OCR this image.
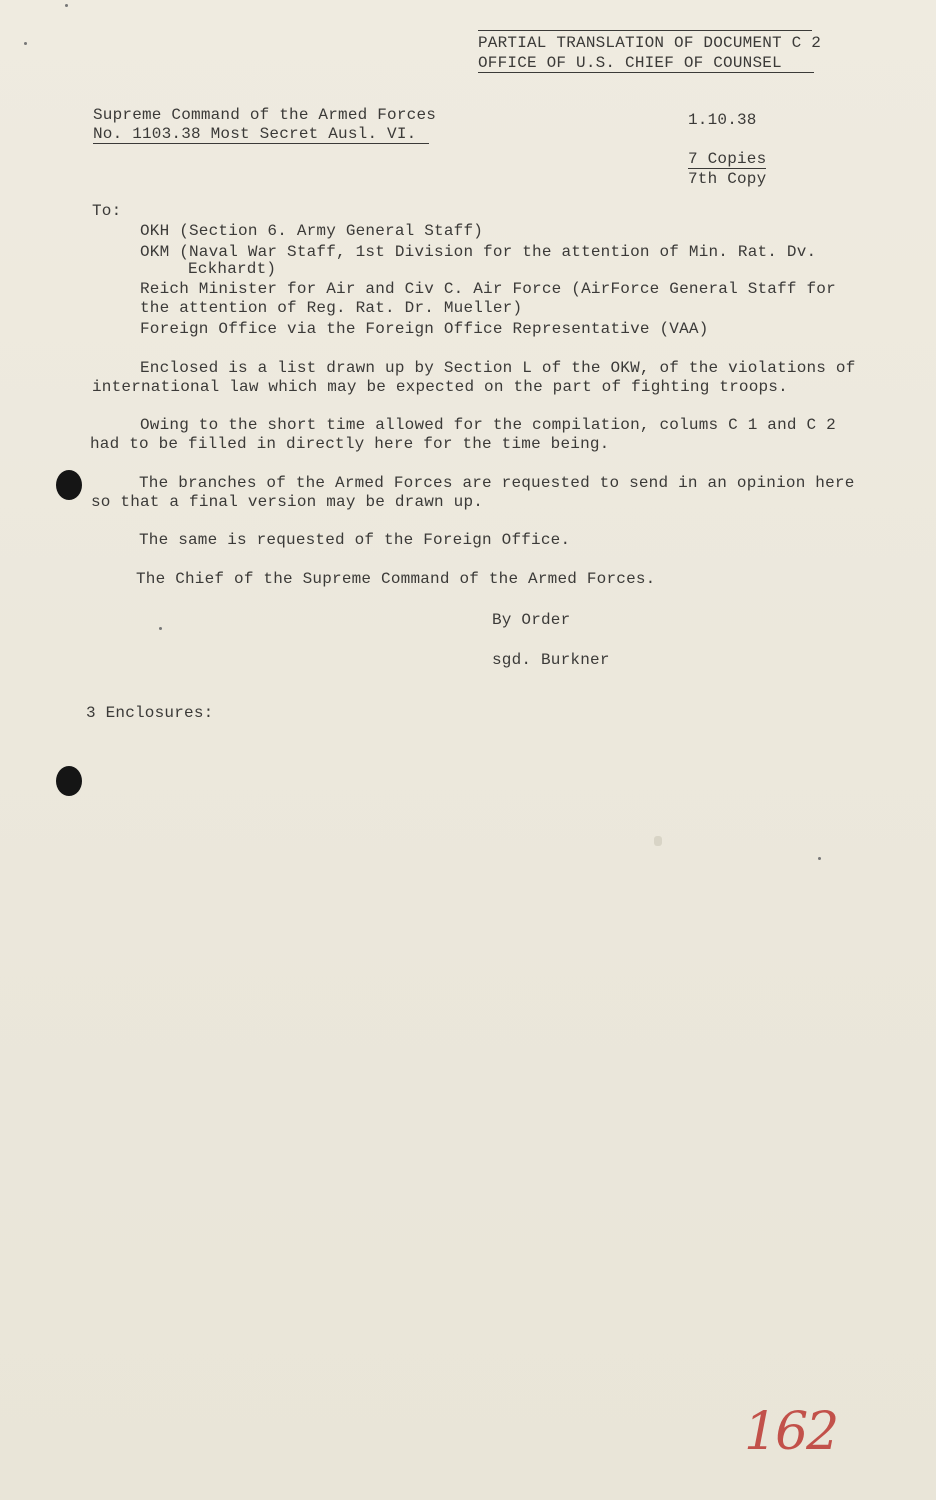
PARTIAL TRANSLATION OF DOCUMENT C 2
OFFICE OF U.S. CHIEF OF COUNSEL
Supreme Command of the Armed Forces
No. 1103.38 Most Secret Ausl. VI.
1.10.38
7 Copies
7th Copy
To:
OKH (Section 6. Army General Staff)
OKM (Naval War Staff, 1st Division for the attention of Min. Rat. Dv.
Eckhardt)
Reich Minister for Air and Civ C. Air Force (AirForce General Staff for
the attention of Reg. Rat. Dr. Mueller)
Foreign Office via the Foreign Office Representative (VAA)
Enclosed is a list drawn up by Section L of the OKW, of the violations of
international law which may be expected on the part of fighting troops.
Owing to the short time allowed for the compilation, colums C 1 and C 2
had to be filled in directly here for the time being.
The branches of the Armed Forces are requested to send in an opinion here
so that a final version may be drawn up.
The same is requested of the Foreign Office.
The Chief of the Supreme Command of the Armed Forces.
By Order
sgd. Burkner
3 Enclosures:
162
